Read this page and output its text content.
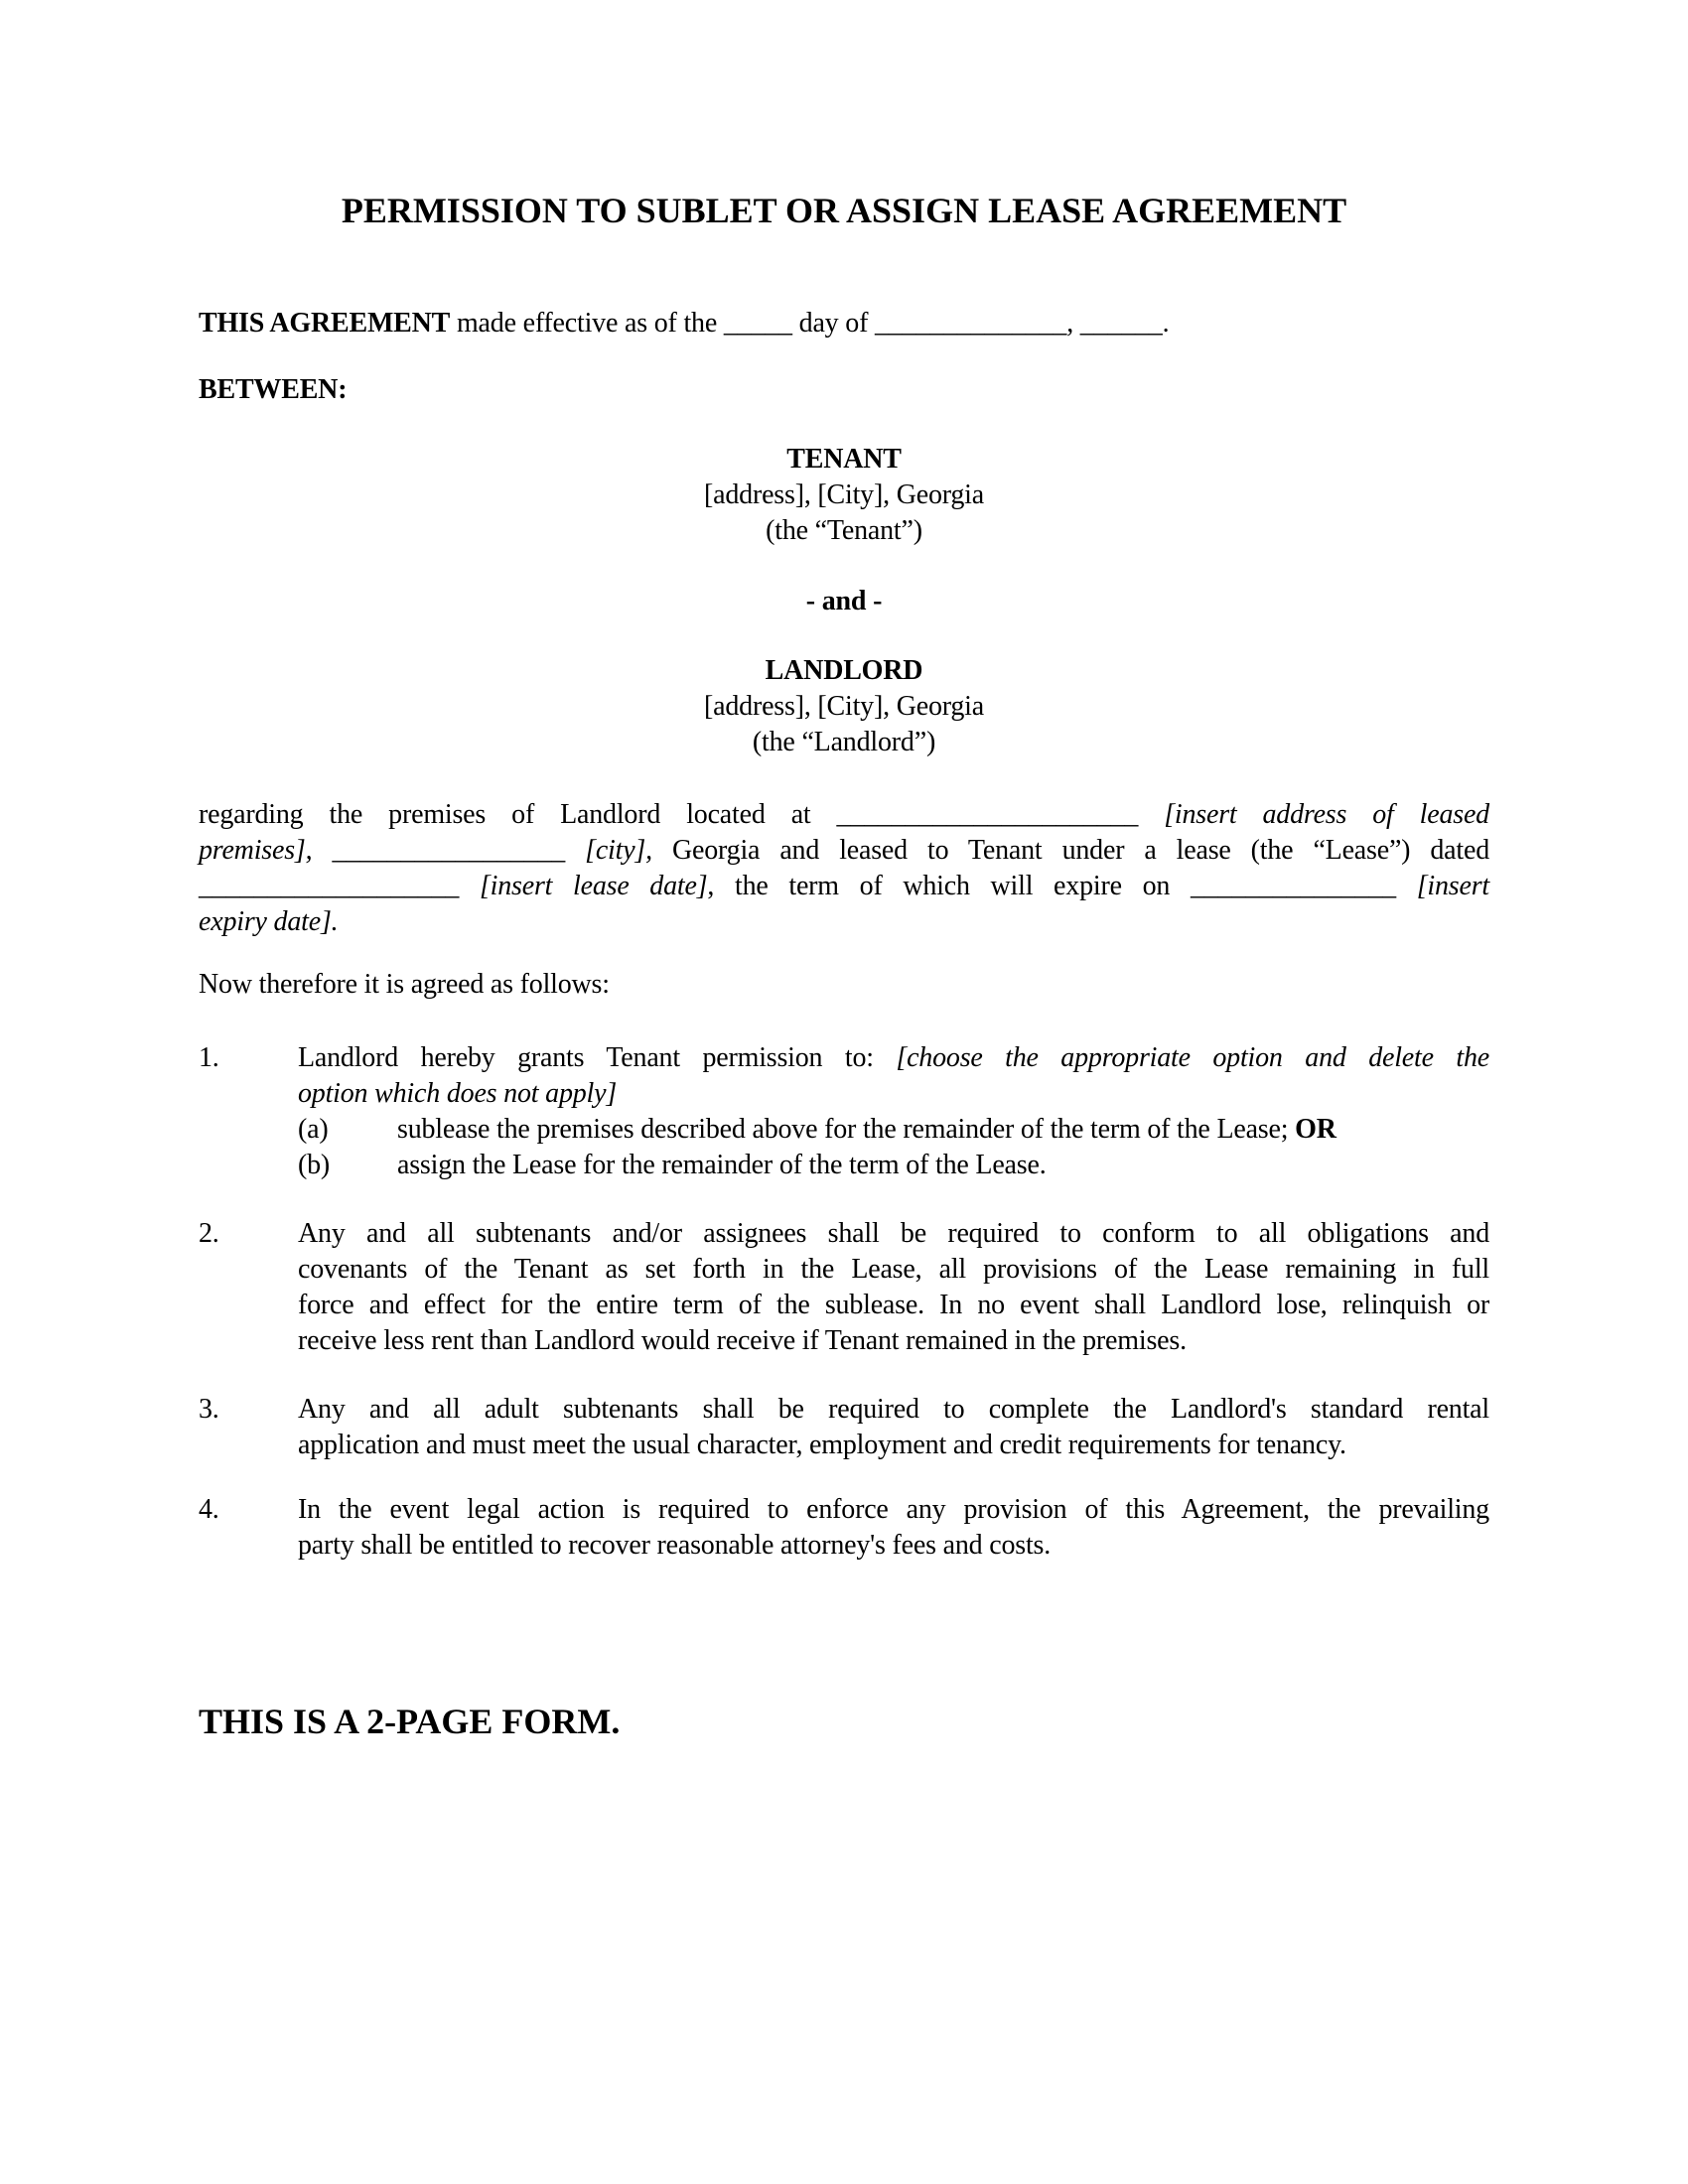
PERMISSION TO SUBLET OR ASSIGN LEASE AGREEMENT
THIS AGREEMENT made effective as of the _____ day of ______________, ______.
BETWEEN:
TENANT
[address], [City], Georgia
(the “Tenant”)
- and -
LANDLORD
[address], [City], Georgia
(the “Landlord”)
regarding the premises of Landlord located at ______________________ [insert address of leased
premises], _________________ [city], Georgia and leased to Tenant under a lease (the “Lease”) dated
___________________ [insert lease date], the term of which will expire on _______________ [insert
expiry date].
Now therefore it is agreed as follows:
1.	Landlord hereby grants Tenant permission to: [choose the appropriate option and delete the
option which does not apply]
(a)	sublease the premises described above for the remainder of the term of the Lease; OR
(b)	assign the Lease for the remainder of the term of the Lease.
2.	Any and all subtenants and/or assignees shall be required to conform to all obligations and
covenants of the Tenant as set forth in the Lease, all provisions of the Lease remaining in full
force and effect for the entire term of the sublease. In no event shall Landlord lose, relinquish or
receive less rent than Landlord would receive if Tenant remained in the premises.
3.	Any and all adult subtenants shall be required to complete the Landlord's standard rental
application and must meet the usual character, employment and credit requirements for tenancy.
4.	In the event legal action is required to enforce any provision of this Agreement, the prevailing
party shall be entitled to recover reasonable attorney's fees and costs.
THIS IS A 2-PAGE FORM.
